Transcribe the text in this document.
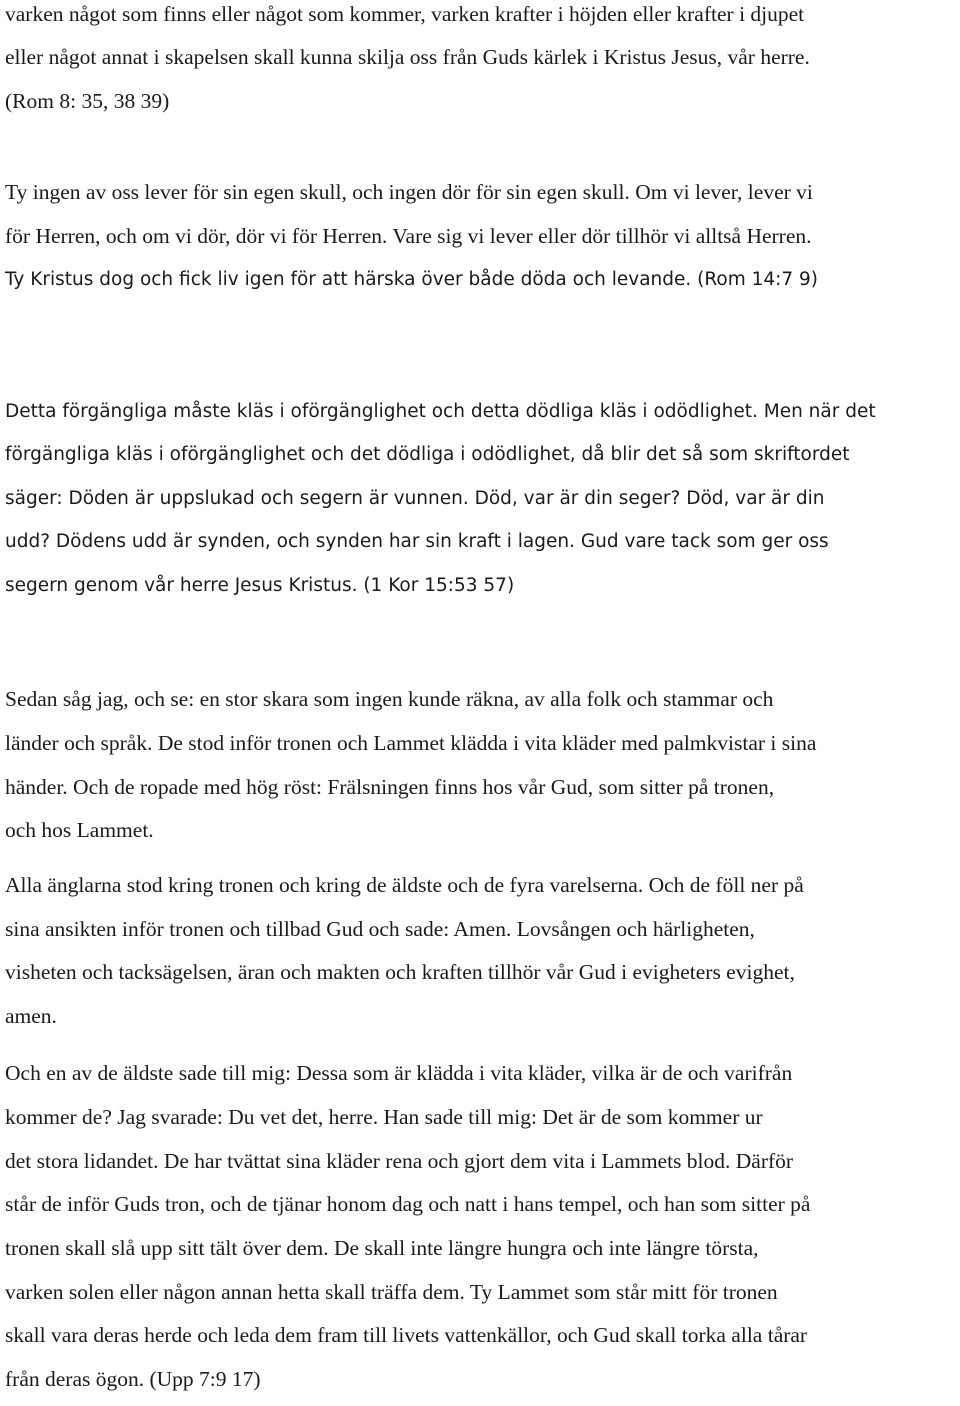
varken något som finns eller något som kommer, varken krafter i höjden eller krafter i djupet
eller något annat i skapelsen skall kunna skilja oss från Guds kärlek i Kristus Jesus, vår herre.
(Rom 8: 35, 38 39)
Ty ingen av oss lever för sin egen skull, och ingen dör för sin egen skull. Om vi lever, lever vi
för Herren, och om vi dör, dör vi för Herren. Vare sig vi lever eller dör tillhör vi alltså Herren.
Ty Kristus dog och fick liv igen för att härska över både döda och levande. (Rom 14:7 9)
Detta förgängliga måste kläs i oförgänglighet och detta dödliga kläs i odödlighet. Men när det
förgängliga kläs i oförgänglighet och det dödliga i odödlighet, då blir det så som skriftordet
säger: Döden är uppslukad och segern är vunnen. Död, var är din seger? Död, var är din
udd? Dödens udd är synden, och synden har sin kraft i lagen. Gud vare tack som ger oss
segern genom vår herre Jesus Kristus. (1 Kor 15:53 57)
Sedan såg jag, och se: en stor skara som ingen kunde räkna, av alla folk och stammar och
länder och språk. De stod inför tronen och Lammet klädda i vita kläder med palmkvistar i sina
händer. Och de ropade med hög röst: Frälsningen finns hos vår Gud, som sitter på tronen,
och hos Lammet.
Alla änglarna stod kring tronen och kring de äldste och de fyra varelserna. Och de föll ner på
sina ansikten inför tronen och tillbad Gud och sade: Amen. Lovsången och härligheten,
visheten och tacksägelsen, äran och makten och kraften tillhör vår Gud i evigheters evighet,
amen.
Och en av de äldste sade till mig: Dessa som är klädda i vita kläder, vilka är de och varifrån
kommer de? Jag svarade: Du vet det, herre. Han sade till mig: Det är de som kommer ur
det stora lidandet. De har tvättat sina kläder rena och gjort dem vita i Lammets blod. Därför
står de inför Guds tron, och de tjänar honom dag och natt i hans tempel, och han som sitter på
tronen skall slå upp sitt tält över dem. De skall inte längre hungra och inte längre törsta,
varken solen eller någon annan hetta skall träffa dem. Ty Lammet som står mitt för tronen
skall vara deras herde och leda dem fram till livets vattenkällor, och Gud skall torka alla tårar
från deras ögon. (Upp 7:9 17)
